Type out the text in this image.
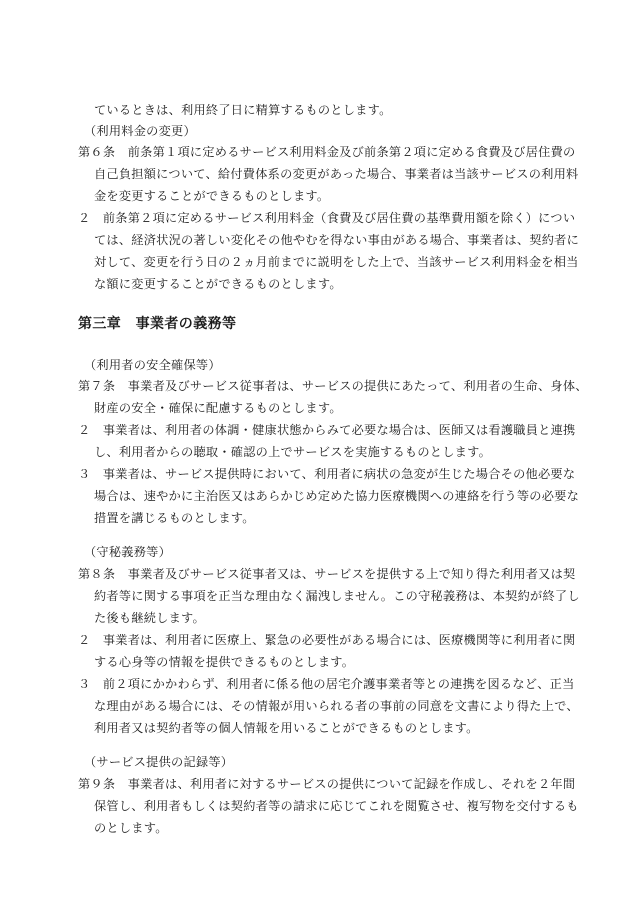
ているときは、利用終了日に精算するものとします。
（利用料金の変更）
第６条　前条第１項に定めるサービス利用料金及び前条第２項に定める食費及び居住費の
自己負担額について、給付費体系の変更があった場合、事業者は当該サービスの利用料
金を変更することができるものとします。
２　前条第２項に定めるサービス利用料金（食費及び居住費の基準費用額を除く）につい
ては、経済状況の著しい変化その他やむを得ない事由がある場合、事業者は、契約者に
対して、変更を行う日の２ヵ月前までに説明をした上で、当該サービス利用料金を相当
な額に変更することができるものとします。
第三章　事業者の義務等
（利用者の安全確保等）
第７条　事業者及びサービス従事者は、サービスの提供にあたって、利用者の生命、身体、
財産の安全・確保に配慮するものとします。
２　事業者は、利用者の体調・健康状態からみて必要な場合は、医師又は看護職員と連携
し、利用者からの聴取・確認の上でサービスを実施するものとします。
３　事業者は、サービス提供時において、利用者に病状の急変が生じた場合その他必要な
場合は、速やかに主治医又はあらかじめ定めた協力医療機関への連絡を行う等の必要な
措置を講じるものとします。
（守秘義務等）
第８条　事業者及びサービス従事者又は、サービスを提供する上で知り得た利用者又は契
約者等に関する事項を正当な理由なく漏洩しません。この守秘義務は、本契約が終了し
た後も継続します。
２　事業者は、利用者に医療上、緊急の必要性がある場合には、医療機関等に利用者に関
する心身等の情報を提供できるものとします。
３　前２項にかかわらず、利用者に係る他の居宅介護事業者等との連携を図るなど、正当
な理由がある場合には、その情報が用いられる者の事前の同意を文書により得た上で、
利用者又は契約者等の個人情報を用いることができるものとします。
（サービス提供の記録等）
第９条　事業者は、利用者に対するサービスの提供について記録を作成し、それを２年間
保管し、利用者もしくは契約者等の請求に応じてこれを閲覧させ、複写物を交付するも
のとします。
